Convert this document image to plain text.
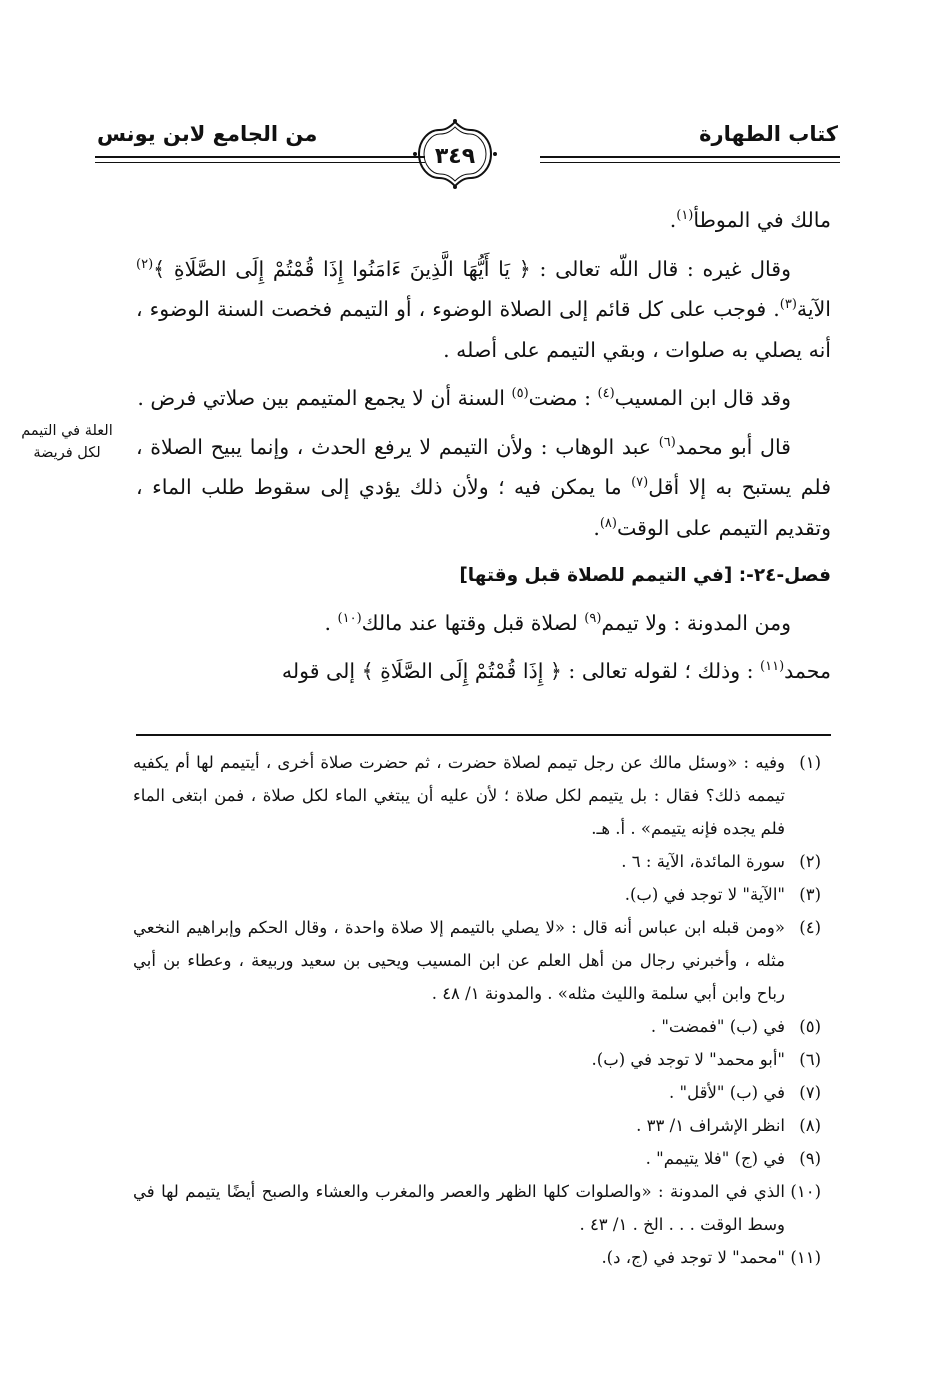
كتاب الطهارة
من الجامع لابن يونس
٣٤٩
العلة في التيمم
لكل فريضة

مالك في الموطأ$^{(١)}$.

وقال غيره : قال اللّه تعالى : ﴿ يَا أَيُّهَا الَّذِينَ ءَامَنُوا إِذَا قُمْتُمْ إِلَى الصَّلَاةِ ﴾$^{(٢)}$ الآية$^{(٣)}$. فوجب على كل قائم إلى الصلاة الوضوء ، أو التيمم فخصت السنة الوضوء ، أنه يصلي به صلوات ، وبقي التيمم على أصله .

وقد قال ابن المسيب$^{(٤)}$ : مضت$^{(٥)}$ السنة أن لا يجمع المتيمم بين صلاتي فرض .

قال أبو محمد$^{(٦)}$ عبد الوهاب : ولأن التيمم لا يرفع الحدث ، وإنما يبيح الصلاة ، فلم يستبح به إلا أقل$^{(٧)}$ ما يمكن فيه ؛ ولأن ذلك يؤدي إلى سقوط طلب الماء ، وتقديم التيمم على الوقت$^{(٨)}$.

فصل-٢٤-: [في التيمم للصلاة قبل وقتها]

ومن المدونة : ولا تيمم$^{(٩)}$ لصلاة قبل وقتها عند مالك$^{(١٠)}$ .

محمد$^{(١١)}$ : وذلك ؛ لقوله تعالى : ﴿ إِذَا قُمْتُمْ إِلَى الصَّلَاةِ ﴾ إلى قوله

(١)
وفيه : «وسئل مالك عن رجل تيمم لصلاة حضرت ، ثم حضرت صلاة أخرى ، أيتيمم لها أم يكفيه تيممه ذلك؟ فقال : بل يتيمم لكل صلاة ؛ لأن عليه أن يبتغي الماء لكل صلاة ، فمن ابتغى الماء فلم يجده فإنه يتيمم» . أ. هـ.
(٢)
سورة المائدة، الآية : ٦ .
(٣)
"الآية" لا توجد في (ب).
(٤)
«ومن قبله ابن عباس أنه قال : «لا يصلي بالتيمم إلا صلاة واحدة ، وقال الحكم وإبراهيم النخعي مثله ، وأخبرني رجال من أهل العلم عن ابن المسيب ويحيى بن سعيد وربيعة ، وعطاء بن أبي رباح وابن أبي سلمة والليث مثله» . والمدونة ١/ ٤٨ .
(٥)
في (ب) "فمضت" .
(٦)
"أبو محمد" لا توجد في (ب).
(٧)
في (ب) "لأقل" .
(٨)
انظر الإشراف ١/ ٣٣ .
(٩)
في (ج) "فلا يتيمم" .
(١٠)
الذي في المدونة : «والصلوات كلها الظهر والعصر والمغرب والعشاء والصبح أيضًا يتيمم لها في وسط الوقت . . . الخ . ١/ ٤٣ .
(١١)
"محمد" لا توجد في (ج، د).
